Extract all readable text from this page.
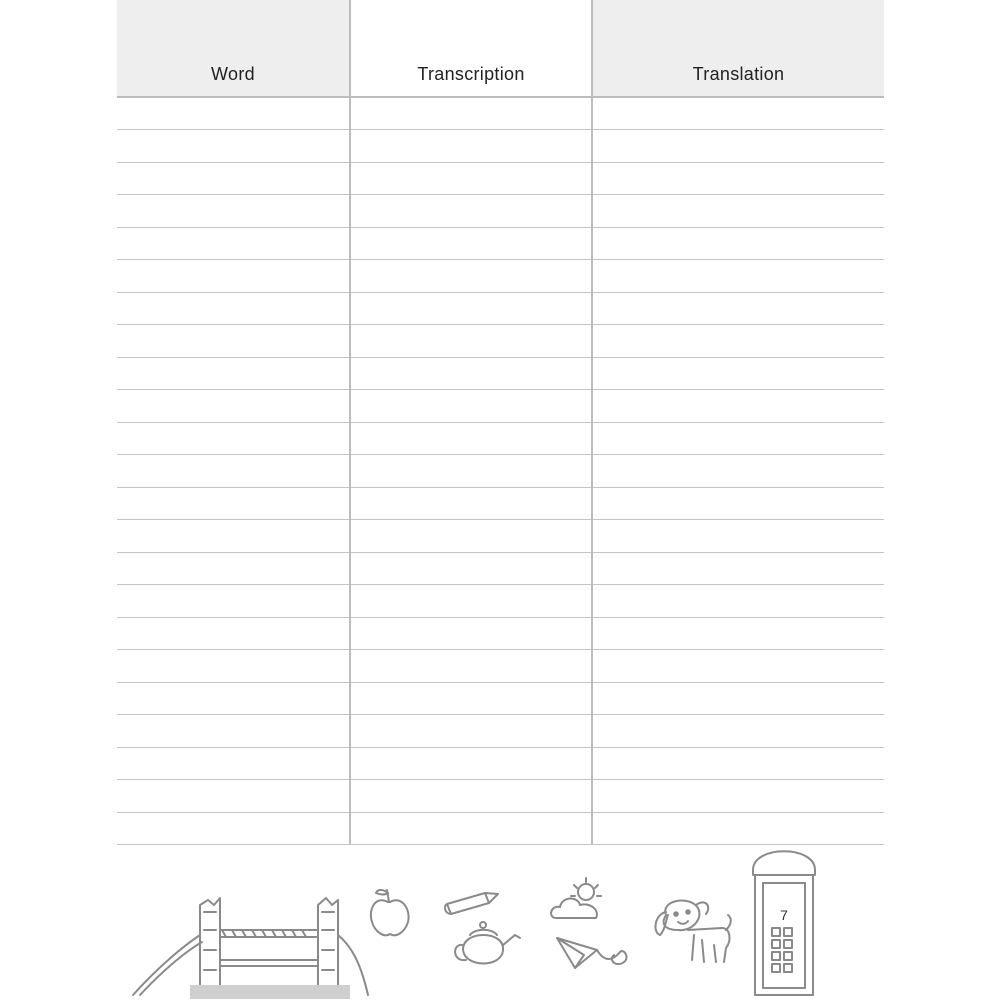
Word	Transcription	Translation
7
